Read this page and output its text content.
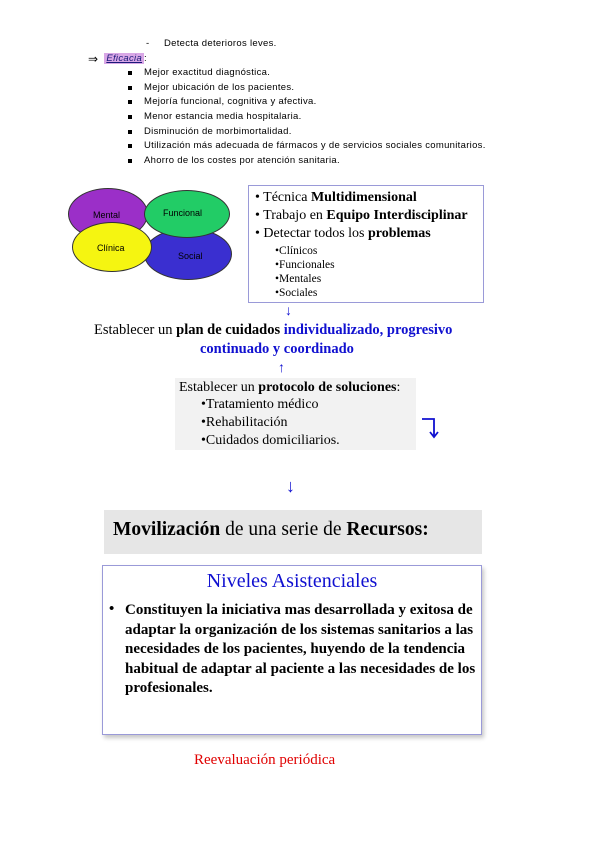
- Detecta deterioros leves.
⇒ Eficacia :
Mejor exactitud diagnóstica.
Mejor ubicación de los pacientes.
Mejoría funcional, cognitiva y afectiva.
Menor estancia media hospitalaria.
Disminución de morbimortalidad.
Utilización más adecuada de fármacos y de servicios sociales comunitarios.
Ahorro de los costes por atención sanitaria.
Mental
Social
Funcional
Clínica
• Técnica Multidimensional
• Trabajo en Equipo Interdisciplinar
• Detectar todos los problemas
•Clínicos
•Funcionales
•Mentales
•Sociales
↓
Establecer un plan de cuidados individualizado, progresivo
continuado y coordinado
↑
Establecer un protocolo de soluciones:
•Tratamiento médico
•Rehabilitación
•Cuidados domiciliarios.
↓
Movilización de una serie de Recursos:
Niveles Asistenciales
• Constituyen la iniciativa mas desarrollada y exitosa de adaptar la organización de los sistemas sanitarios a las necesidades de los pacientes, huyendo de la tendencia habitual de adaptar al paciente a las necesidades de los profesionales.
Reevaluación periódica
